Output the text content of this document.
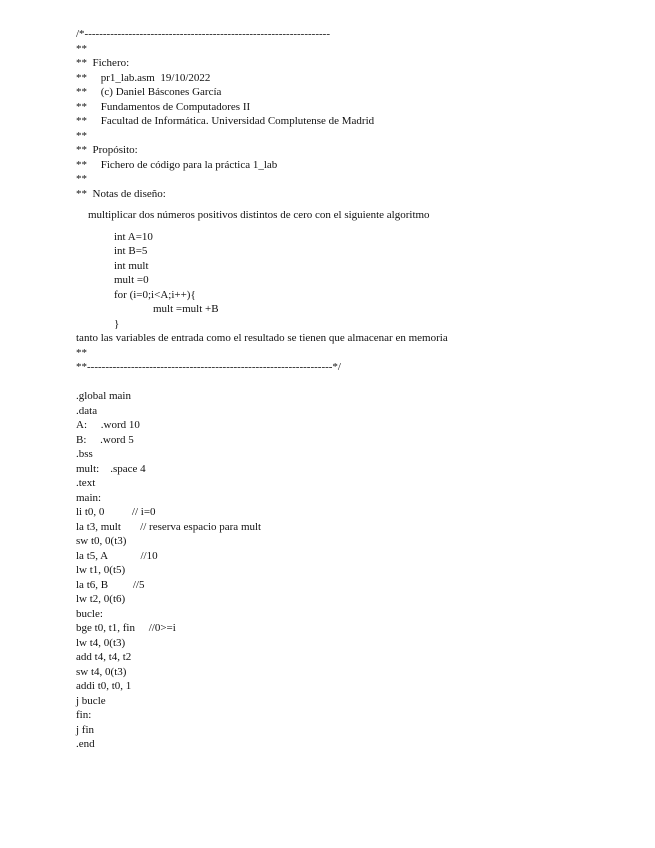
/*-------------------------------------------------------------------
**
**  Fichero:
**     pr1_lab.asm  19/10/2022
**     (c) Daniel Báscones García
**     Fundamentos de Computadores II
**     Facultad de Informática. Universidad Complutense de Madrid
**
**  Propósito:
**     Fichero de código para la práctica 1_lab
**
**  Notas de diseño:
multiplicar dos números positivos distintos de cero con el siguiente algoritmo
int A=10
int B=5
int mult
mult =0
for (i=0;i<A;i++){
mult =mult +B
}
tanto las variables de entrada como el resultado se tienen que almacenar en memoria
**
**-------------------------------------------------------------------*/
.global main
.data
A:     .word 10
B:     .word 5
.bss
mult:    .space 4
.text
main:
li t0, 0          // i=0
la t3, mult       // reserva espacio para mult
sw t0, 0(t3)
la t5, A            //10
lw t1, 0(t5)
la t6, B         //5
lw t2, 0(t6)
bucle:
bge t0, t1, fin     //0>=i
lw t4, 0(t3)
add t4, t4, t2
sw t4, 0(t3)
addi t0, t0, 1
j bucle
fin:
j fin
.end
